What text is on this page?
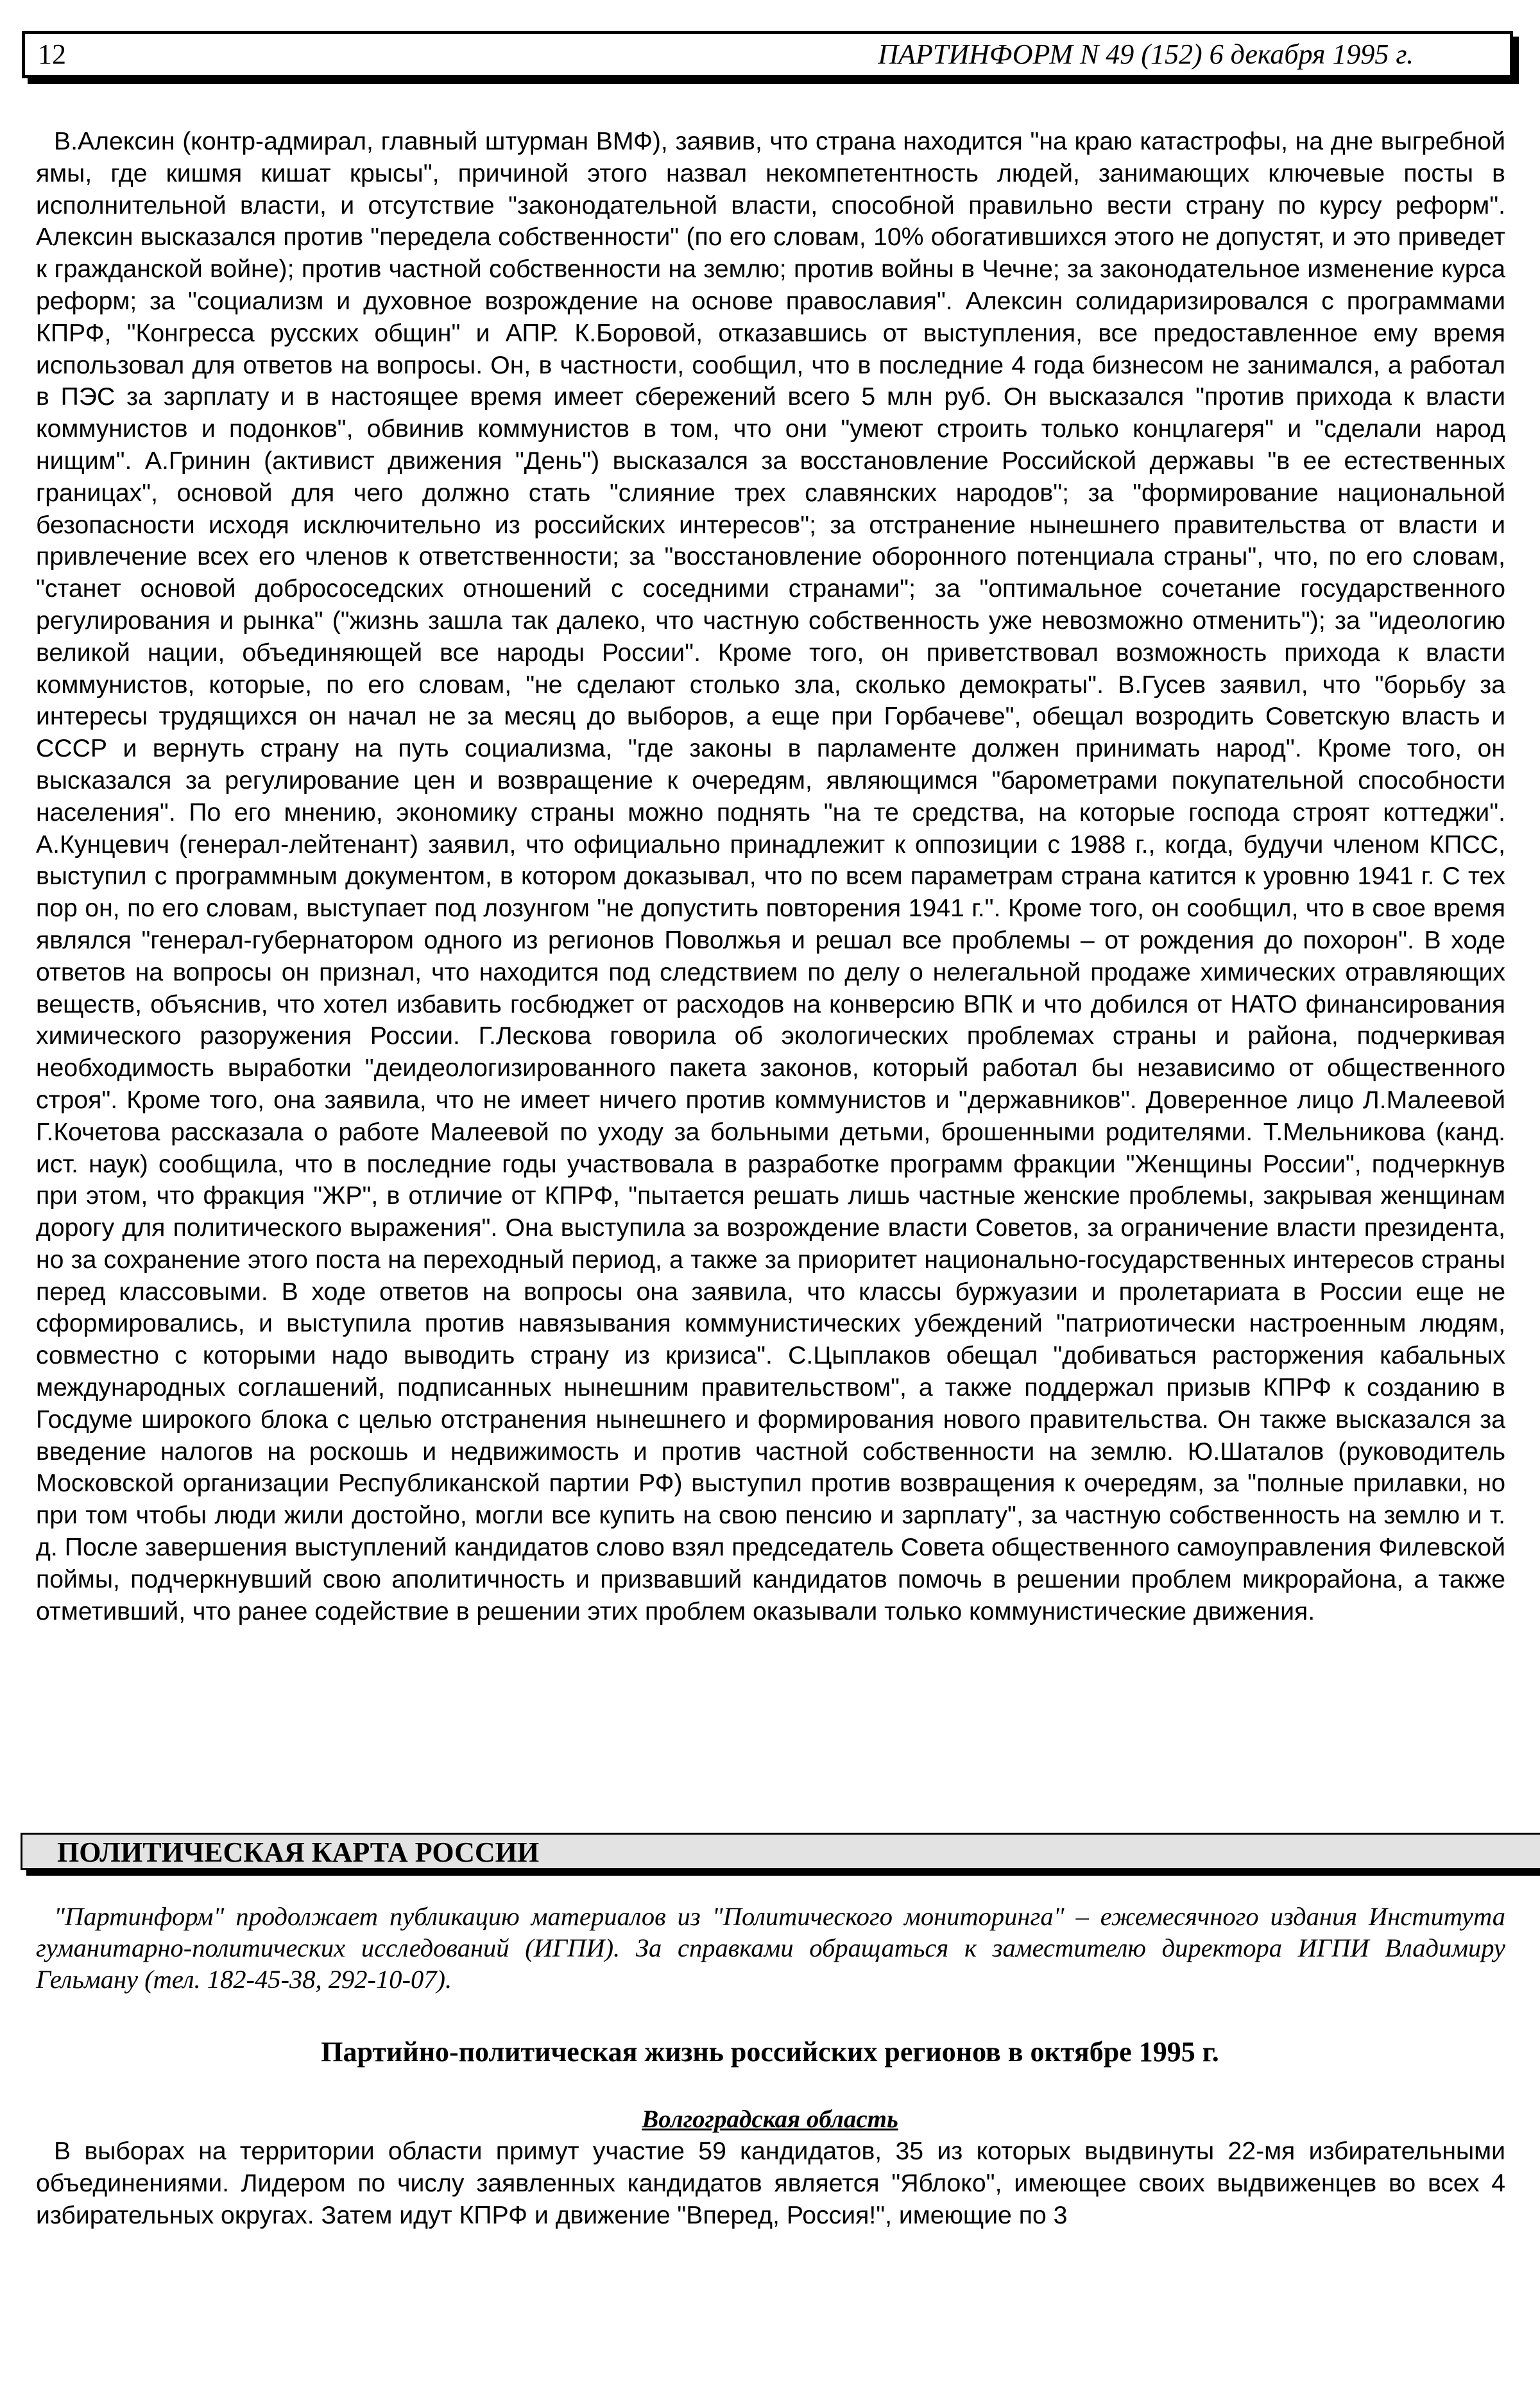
12	ПАРТИНФОРМ N 49 (152) 6 декабря 1995 г.

В.Алексин (контр-адмирал, главный штурман ВМФ), заявив, что страна находится "на краю катастрофы, на дне выгребной ямы, где кишмя кишат крысы", причиной этого назвал некомпетентность людей, занимающих ключевые посты в исполнительной власти, и отсутствие "законодательной власти, способной правильно вести страну по курсу реформ". Алексин высказался против "передела собственности" (по его словам, 10% обогатившихся этого не допустят, и это приведет к гражданской войне); против частной собственности на землю; против войны в Чечне; за законодательное изменение курса реформ; за "социализм и духовное возрождение на основе православия". Алексин солидаризировался с программами КПРФ, "Конгресса русских общин" и АПР. К.Боровой, отказавшись от выступления, все предоставленное ему время использовал для ответов на вопросы. Он, в частности, сообщил, что в последние 4 года бизнесом не занимался, а работал в ПЭС за зарплату и в настоящее время имеет сбережений всего 5 млн руб. Он высказался "против прихода к власти коммунистов и подонков", обвинив коммунистов в том, что они "умеют строить только концлагеря" и "сделали народ нищим". А.Гринин (активист движения "День") высказался за восстановление Российской державы "в ее естественных границах", основой для чего должно стать "слияние трех славянских народов"; за "формирование национальной безопасности исходя исключительно из российских интересов"; за отстранение нынешнего правительства от власти и привлечение всех его членов к ответственности; за "восстановление оборонного потенциала страны", что, по его словам, "станет основой добрососедских отношений с соседними странами"; за "оптимальное сочетание государственного регулирования и рынка" ("жизнь зашла так далеко, что частную собственность уже невозможно отменить"); за "идеологию великой нации, объединяющей все народы России". Кроме того, он приветствовал возможность прихода к власти коммунистов, которые, по его словам, "не сделают столько зла, сколько демократы". В.Гусев заявил, что "борьбу за интересы трудящихся он начал не за месяц до выборов, а еще при Горбачеве", обещал возродить Советскую власть и СССР и вернуть страну на путь социализма, "где законы в парламенте должен принимать народ". Кроме того, он высказался за регулирование цен и возвращение к очередям, являющимся "барометрами покупательной способности населения". По его мнению, экономику страны можно поднять "на те средства, на которые господа строят коттеджи". А.Кунцевич (генерал-лейтенант) заявил, что официально принадлежит к оппозиции с 1988 г., когда, будучи членом КПСС, выступил с программным документом, в котором доказывал, что по всем параметрам страна катится к уровню 1941 г. С тех пор он, по его словам, выступает под лозунгом "не допустить повторения 1941 г.". Кроме того, он сообщил, что в свое время являлся "генерал-губернатором одного из регионов Поволжья и решал все проблемы – от рождения до похорон". В ходе ответов на вопросы он признал, что находится под следствием по делу о нелегальной продаже химических отравляющих веществ, объяснив, что хотел избавить госбюджет от расходов на конверсию ВПК и что добился от НАТО финансирования химического разоружения России. Г.Лескова говорила об экологических проблемах страны и района, подчеркивая необходимость выработки "деидеологизированного пакета законов, который работал бы независимо от общественного строя". Кроме того, она заявила, что не имеет ничего против коммунистов и "державников". Доверенное лицо Л.Малеевой Г.Кочетова рассказала о работе Малеевой по уходу за больными детьми, брошенными родителями. Т.Мельникова (канд. ист. наук) сообщила, что в последние годы участвовала в разработке программ фракции "Женщины России", подчеркнув при этом, что фракция "ЖР", в отличие от КПРФ, "пытается решать лишь частные женские проблемы, закрывая женщинам дорогу для политического выражения". Она выступила за возрождение власти Советов, за ограничение власти президента, но за сохранение этого поста на переходный период, а также за приоритет национально-государственных интересов страны перед классовыми. В ходе ответов на вопросы она заявила, что классы буржуазии и пролетариата в России еще не сформировались, и выступила против навязывания коммунистических убеждений "патриотически настроенным людям, совместно с которыми надо выводить страну из кризиса". С.Цыплаков обещал "добиваться расторжения кабальных международных соглашений, подписанных нынешним правительством", а также поддержал призыв КПРФ к созданию в Госдуме широкого блока с целью отстранения нынешнего и формирования нового правительства. Он также высказался за введение налогов на роскошь и недвижимость и против частной собственности на землю. Ю.Шаталов (руководитель Московской организации Республиканской партии РФ) выступил против возвращения к очередям, за "полные прилавки, но при том чтобы люди жили достойно, могли все купить на свою пенсию и зарплату", за частную собственность на землю и т. д. После завершения выступлений кандидатов слово взял председатель Совета общественного самоуправления Филевской поймы, подчеркнувший свою аполитичность и призвавший кандидатов помочь в решении проблем микрорайона, а также отметивший, что ранее содействие в решении этих проблем оказывали только коммунистические движения.

ПОЛИТИЧЕСКАЯ КАРТА РОССИИ

"Партинформ" продолжает публикацию материалов из "Политического мониторинга" – ежемесячного издания Института гуманитарно-политических исследований (ИГПИ). За справками обращаться к заместителю директора ИГПИ Владимиру Гельману (тел. 182-45-38, 292-10-07).

Партийно-политическая жизнь российских регионов в октябре 1995 г.
Волгоградская область

В выборах на территории области примут участие 59 кандидатов, 35 из которых выдвинуты 22-мя избирательными объединениями. Лидером по числу заявленных кандидатов является "Яблоко", имеющее своих выдвиженцев во всех 4 избирательных округах. Затем идут КПРФ и движение "Вперед, Россия!", имеющие по 3
